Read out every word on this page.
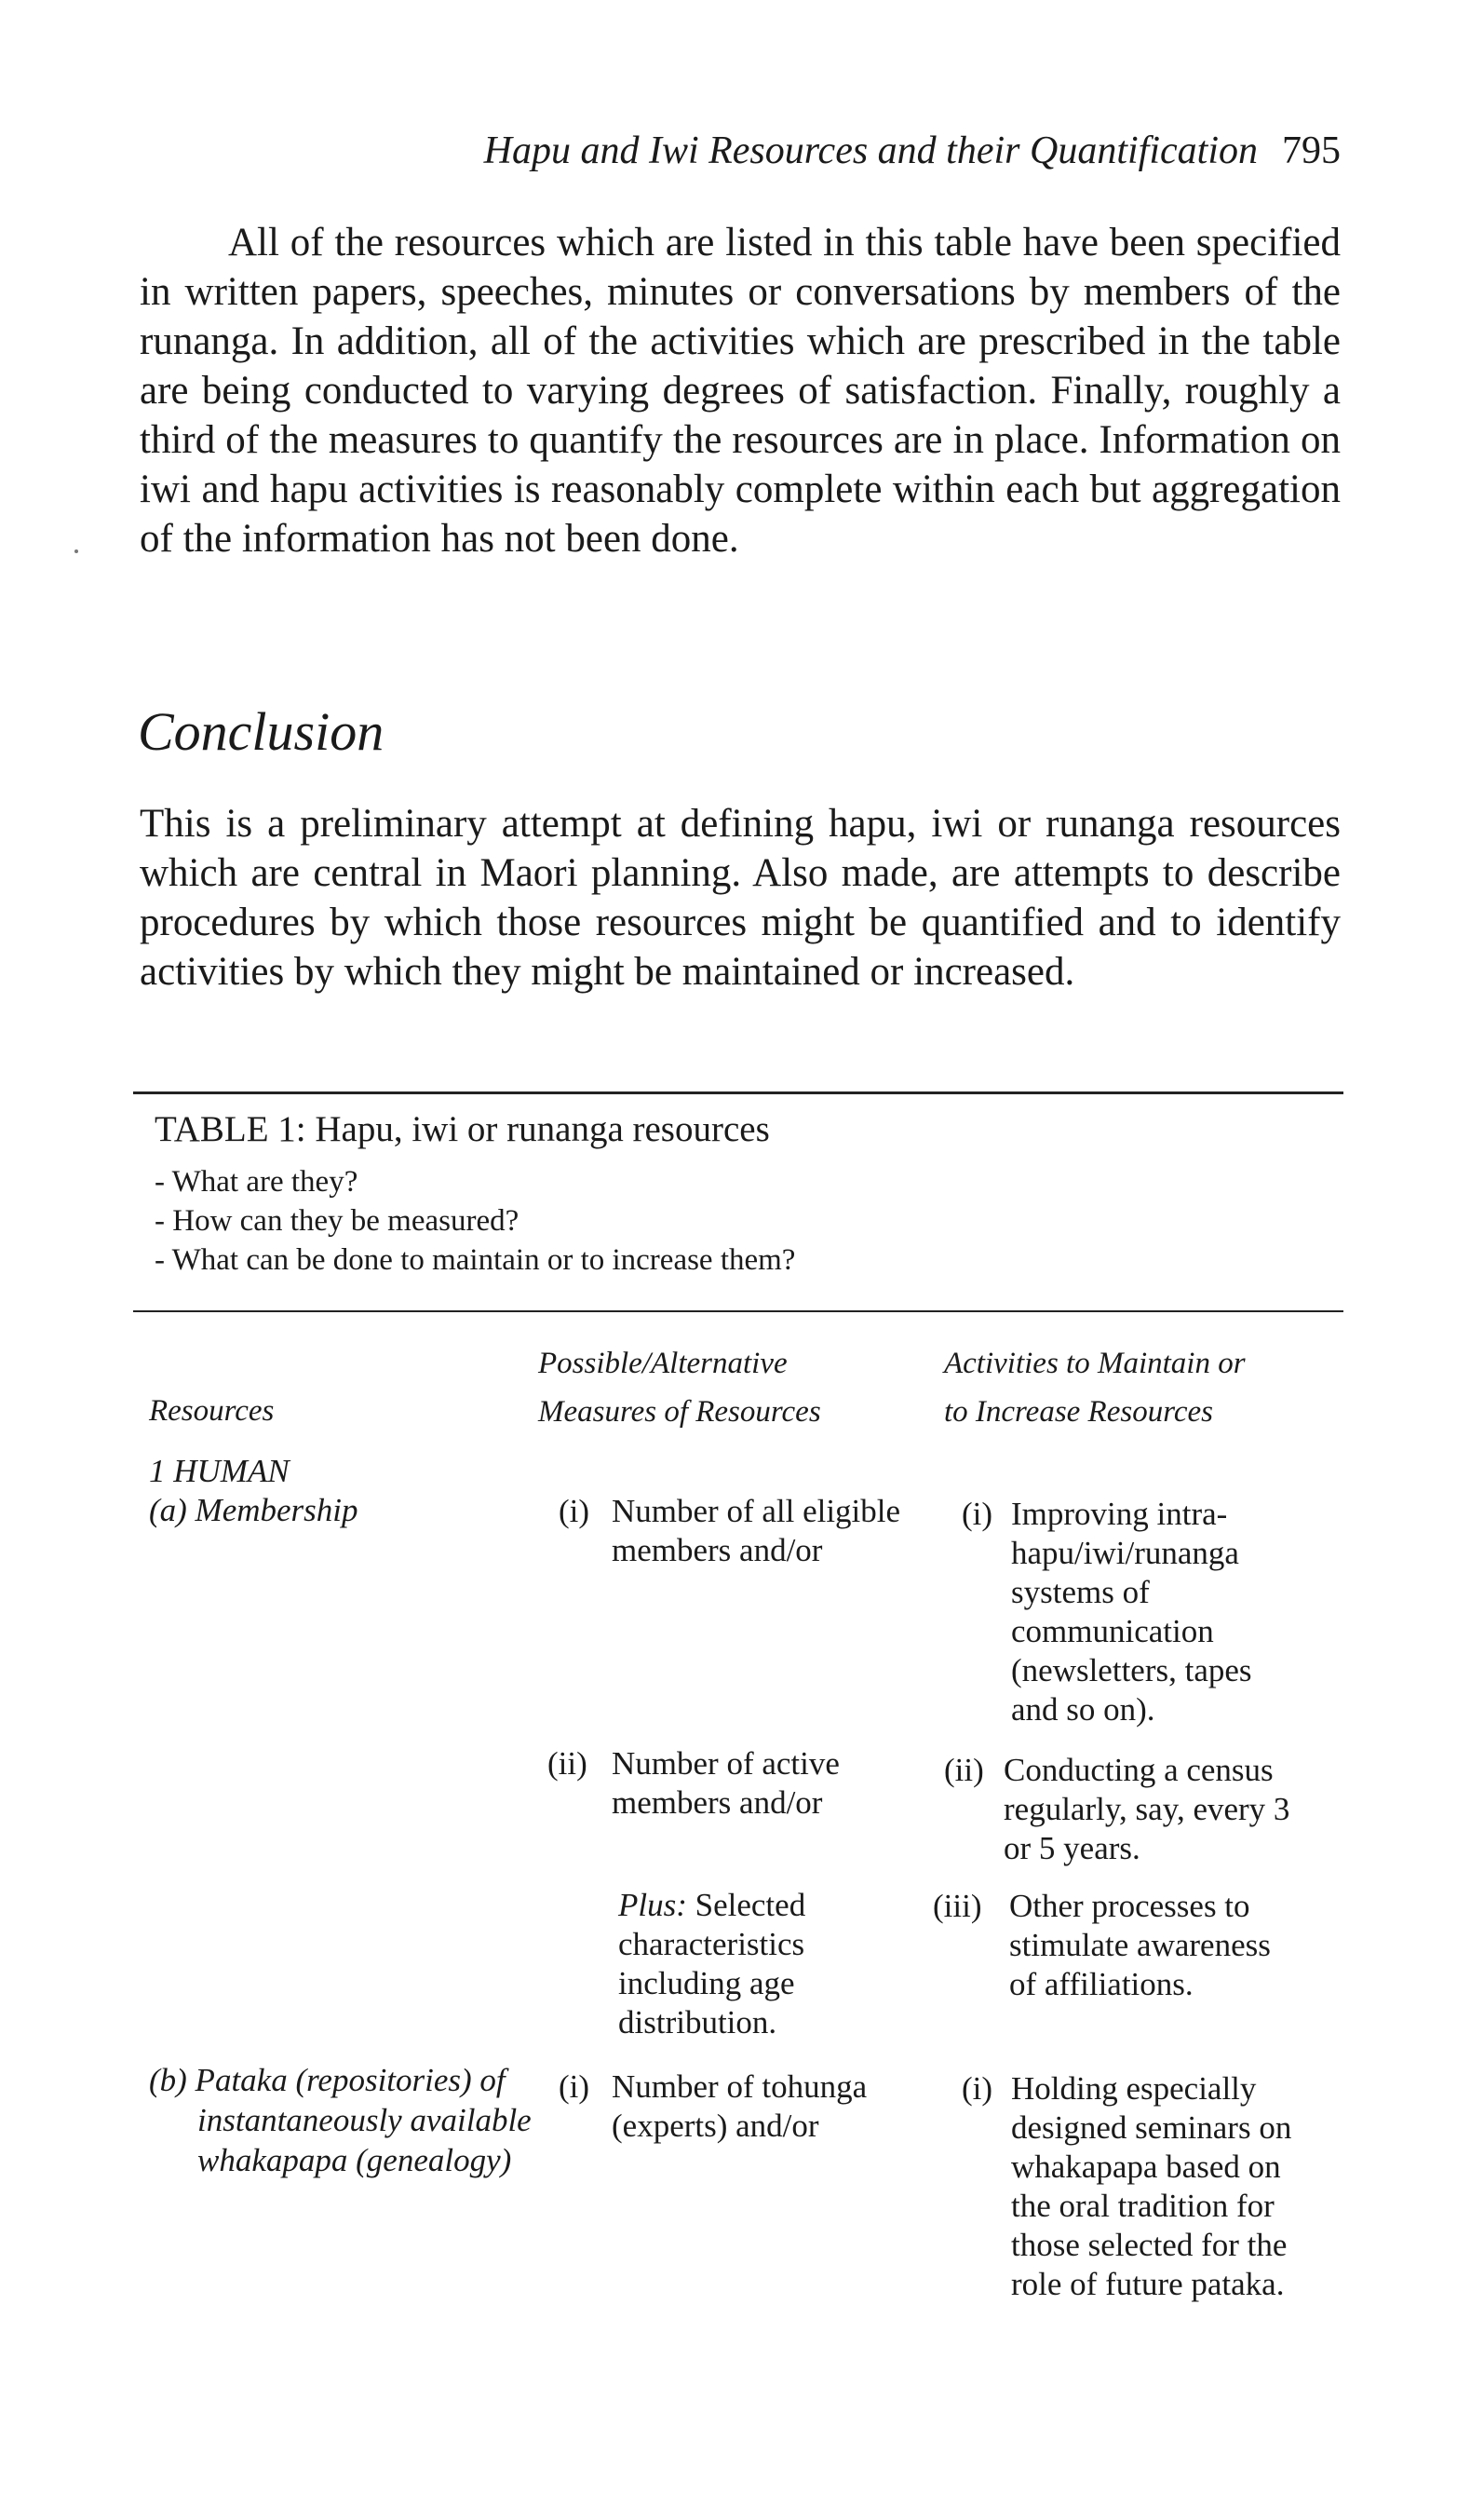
Hapu and Iwi Resources and their Quantification 795
All of the resources which are listed in this table have been specified in written papers, speeches, minutes or conversations by members of the runanga. In addition, all of the activities which are prescribed in the table are being conducted to varying degrees of satisfaction. Finally, roughly a third of the measures to quantify the resources are in place. Information on iwi and hapu activities is reasonably complete within each but aggregation of the information has not been done.
Conclusion
This is a preliminary attempt at defining hapu, iwi or runanga resources which are central in Maori planning. Also made, are attempts to describe procedures by which those resources might be quantified and to identify activities by which they might be maintained or increased.
TABLE 1: Hapu, iwi or runanga resources
- What are they?
- How can they be measured?
- What can be done to maintain or to increase them?
Resources
Possible/Alternative
Measures of Resources
Activities to Maintain or
to Increase Resources
1 HUMAN
(a) Membership	(i) Number of all eligible
members and/or
(ii) Number of active
members and/or
Plus: Selected
characteristics
including age
distribution.
(i) Improving intra-
hapu/iwi/runanga
systems of
communication
(newsletters, tapes
and so on).
(ii) Conducting a census
regularly, say, every 3
or 5 years.
(iii) Other processes to
stimulate awareness
of affiliations.
(b) Pataka (repositories) of
instantaneously available
whakapapa (genealogy)
(i) Number of tohunga
(experts) and/or
(i) Holding especially
designed seminars on
whakapapa based on
the oral tradition for
those selected for the
role of future pataka.
